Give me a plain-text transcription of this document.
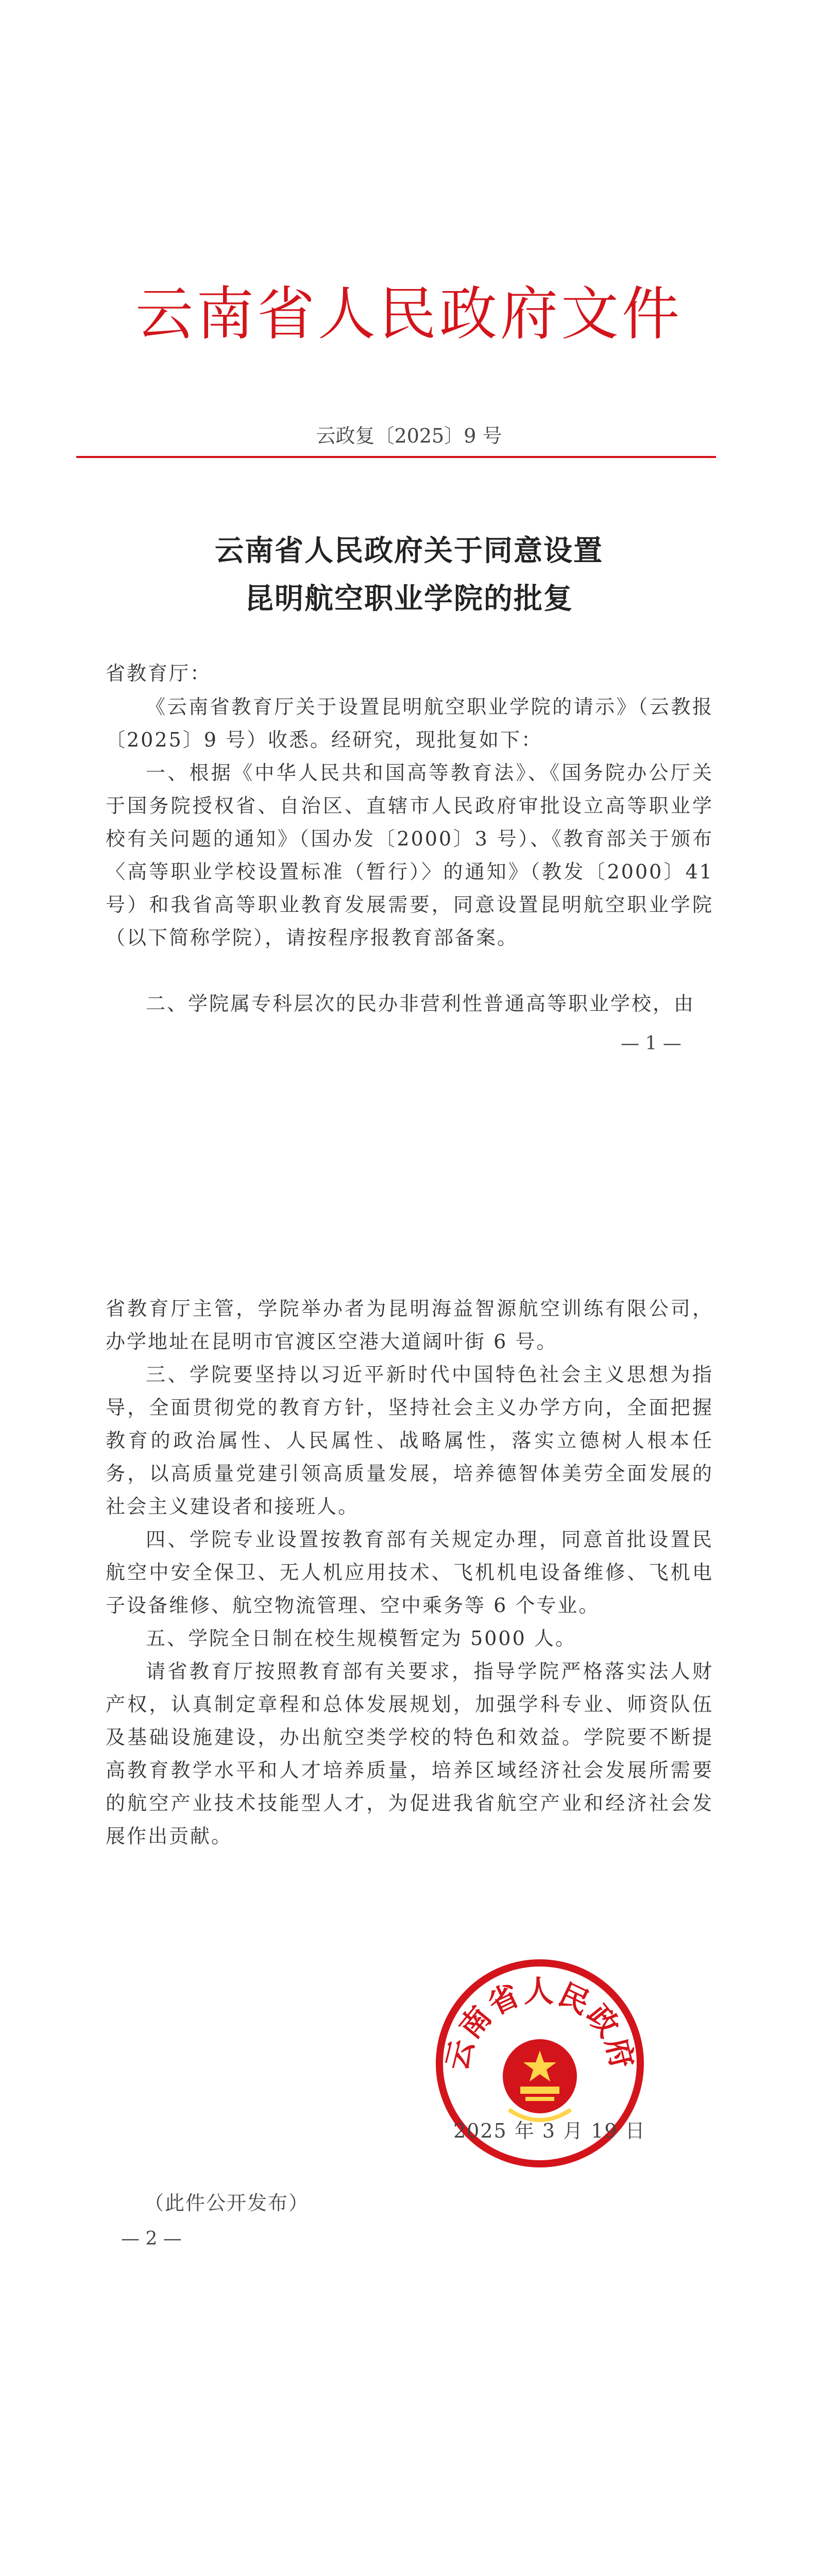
云南省人民政府文件
云政复〔2025〕9 号
云南省人民政府关于同意设置
昆明航空职业学院的批复
省教育厅：
《云南省教育厅关于设置昆明航空职业学院的请示》（云教报〔2025〕9 号）收悉。经研究，现批复如下：
一、根据《中华人民共和国高等教育法》、《国务院办公厅关于国务院授权省、自治区、直辖市人民政府审批设立高等职业学校有关问题的通知》（国办发〔2000〕3 号）、《教育部关于颁布〈高等职业学校设置标准（暂行）〉的通知》（教发〔2000〕41 号）和我省高等职业教育发展需要，同意设置昆明航空职业学院（以下简称学院），请按程序报教育部备案。
二、学院属专科层次的民办非营利性普通高等职业学校，由
— 1 —
省教育厅主管，学院举办者为昆明海益智源航空训练有限公司，办学地址在昆明市官渡区空港大道阔叶街 6 号。
三、学院要坚持以习近平新时代中国特色社会主义思想为指导，全面贯彻党的教育方针，坚持社会主义办学方向，全面把握教育的政治属性、人民属性、战略属性，落实立德树人根本任务，以高质量党建引领高质量发展，培养德智体美劳全面发展的社会主义建设者和接班人。
四、学院专业设置按教育部有关规定办理，同意首批设置民航空中安全保卫、无人机应用技术、飞机机电设备维修、飞机电子设备维修、航空物流管理、空中乘务等 6 个专业。
五、学院全日制在校生规模暂定为 5000 人。
请省教育厅按照教育部有关要求，指导学院严格落实法人财产权，认真制定章程和总体发展规划，加强学科专业、师资队伍及基础设施建设，办出航空类学校的特色和效益。学院要不断提高教育教学水平和人才培养质量，培养区域经济社会发展所需要的航空产业技术技能型人才，为促进我省航空产业和经济社会发展作出贡献。
云南省人民政府
2025 年 3 月 19 日
（此件公开发布）
— 2 —
